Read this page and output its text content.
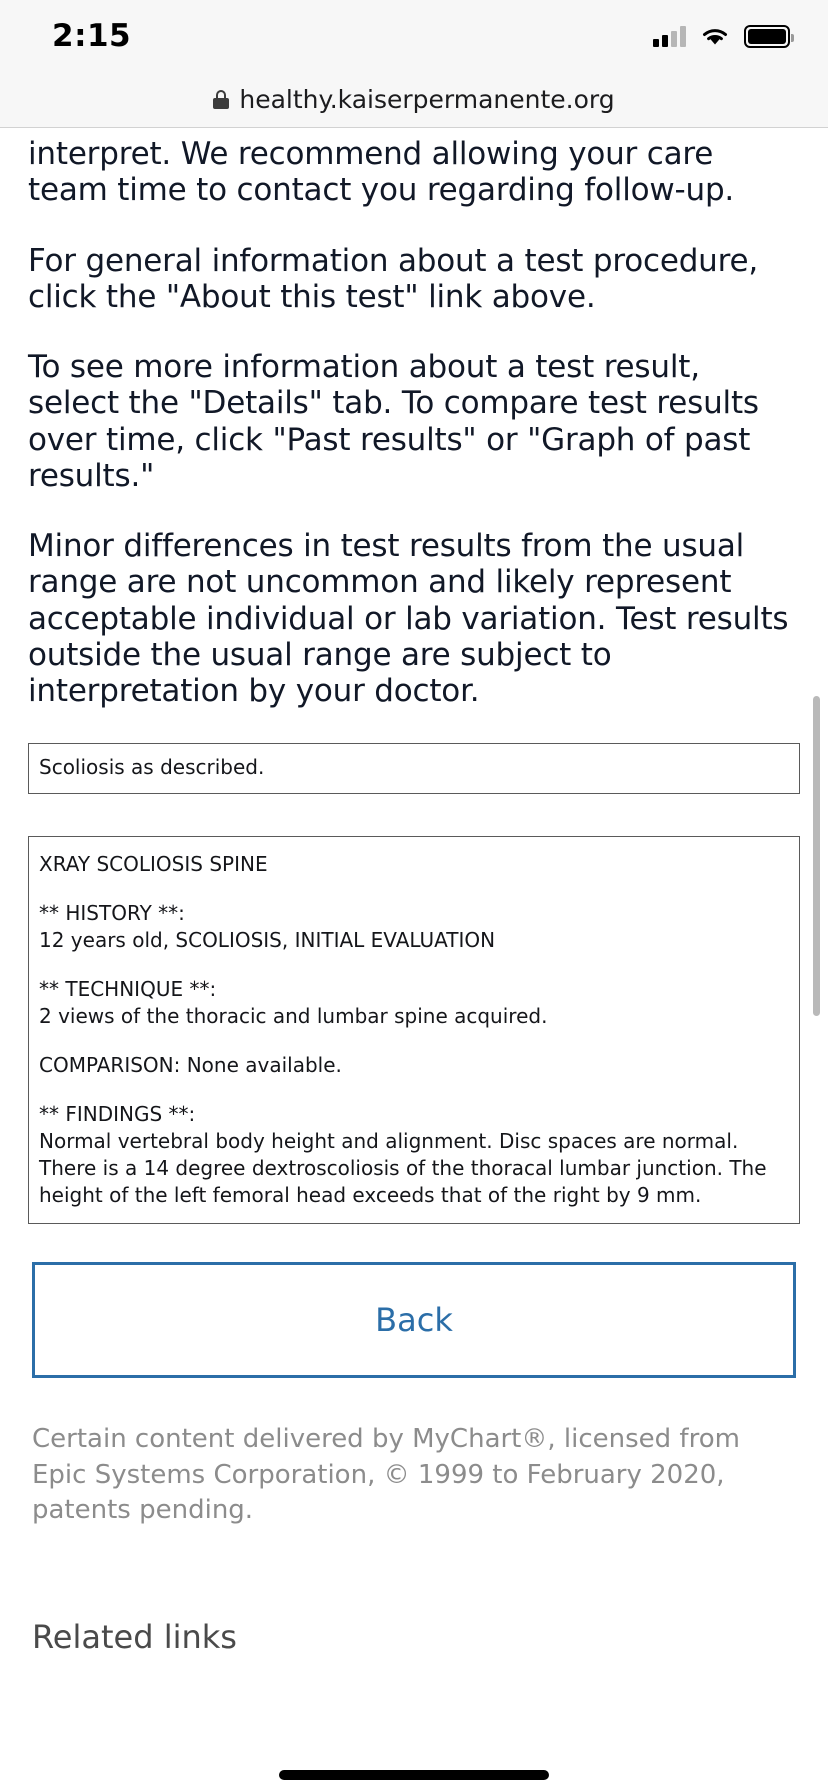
2:15
healthy.kaiserpermanente.org

interpret. We recommend allowing your care team time to contact you regarding follow-up.

For general information about a test procedure, click the "About this test" link above.

To see more information about a test result, select the "Details" tab. To compare test results over time, click "Past results" or "Graph of past results."

Minor differences in test results from the usual range are not uncommon and likely represent acceptable individual or lab variation. Test results outside the usual range are subject to interpretation by your doctor.

Scoliosis as described.

XRAY SCOLIOSIS SPINE

** HISTORY **:
12 years old, SCOLIOSIS, INITIAL EVALUATION

** TECHNIQUE **:
2 views of the thoracic and lumbar spine acquired.

COMPARISON: None available.

** FINDINGS **:
Normal vertebral body height and alignment. Disc spaces are normal. There is a 14 degree dextroscoliosis of the thoracal lumbar junction. The height of the left femoral head exceeds that of the right by 9 mm.

Back
Certain content delivered by MyChart®, licensed from Epic Systems Corporation, © 1999 to February 2020, patents pending.
Related links
